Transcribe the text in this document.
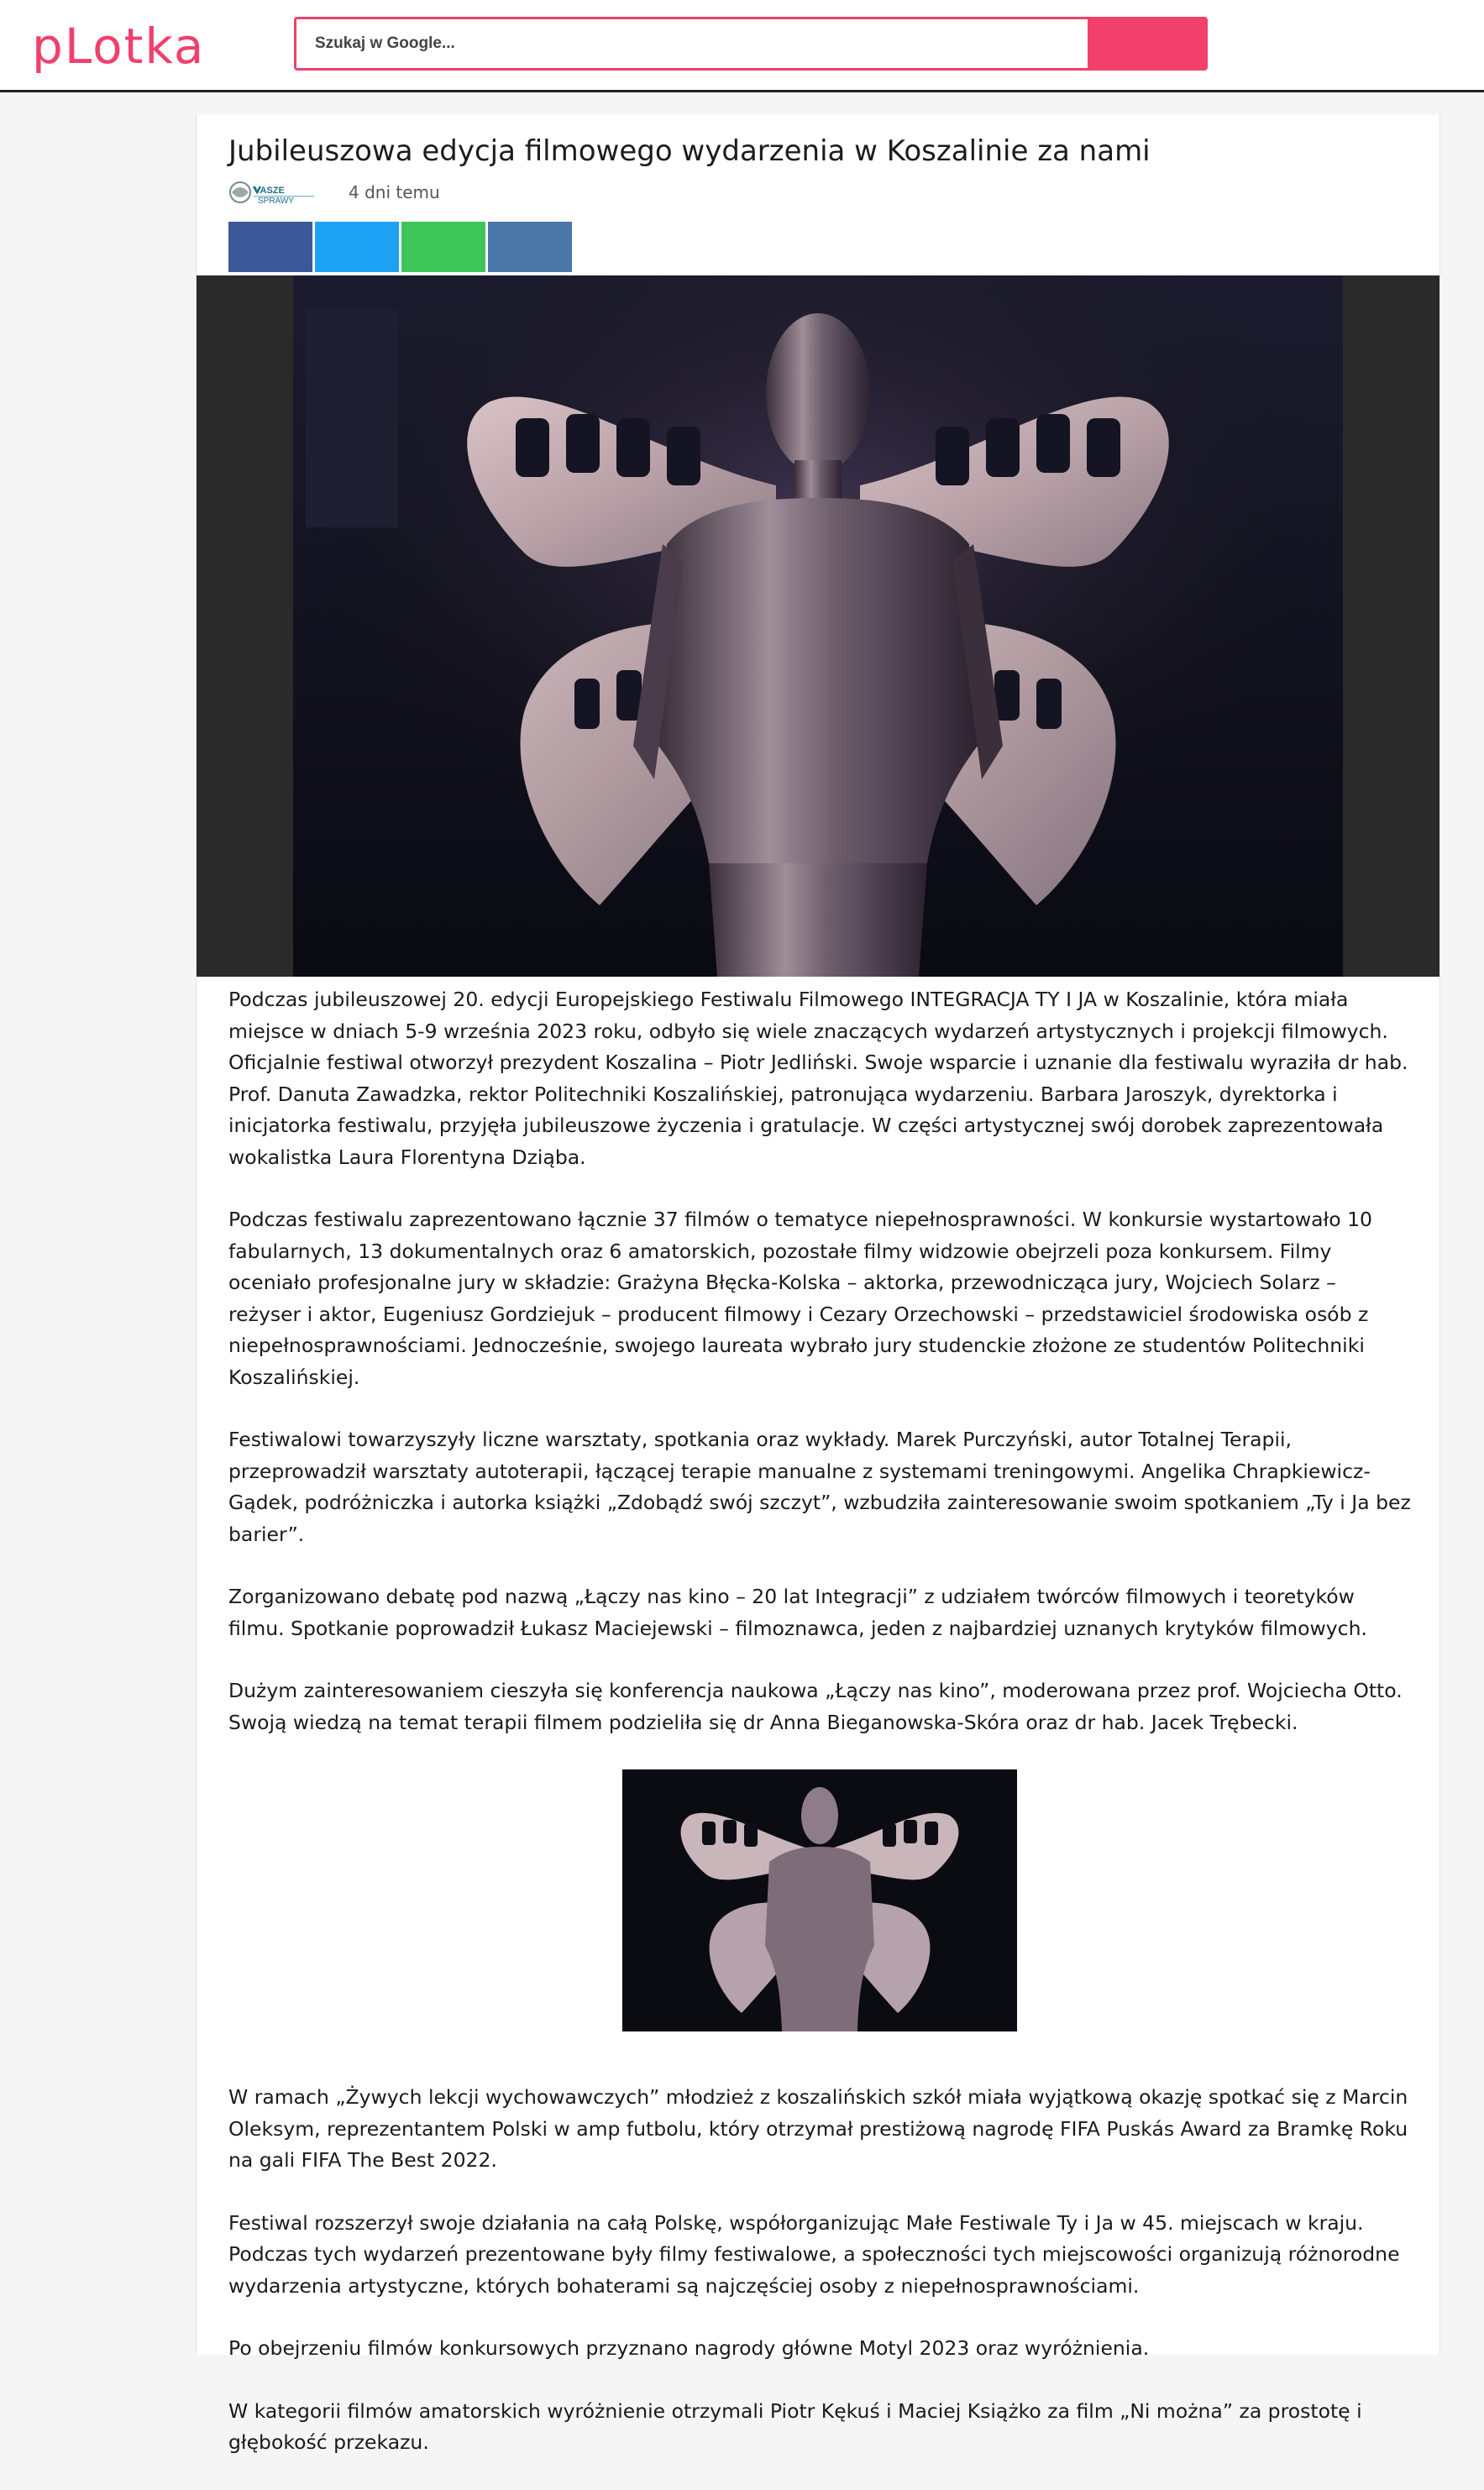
pLotka
Szukaj w Google...
Jubileuszowa edycja filmowego wydarzenia w Koszalinie za nami
VASZE
SPRAWY	4 dni temu

Podczas jubileuszowej 20. edycji Europejskiego Festiwalu Filmowego INTEGRACJA TY I JA w Koszalinie, która miała miejsce w dniach 5-9 września 2023 roku, odbyło się wiele znaczących wydarzeń artystycznych i projekcji filmowych. Oficjalnie festiwal otworzył prezydent Koszalina – Piotr Jedliński. Swoje wsparcie i uznanie dla festiwalu wyraziła dr hab. Prof. Danuta Zawadzka, rektor Politechniki Koszalińskiej, patronująca wydarzeniu. Barbara Jaroszyk, dyrektorka i inicjatorka festiwalu, przyjęła jubileuszowe życzenia i gratulacje. W części artystycznej swój dorobek zaprezentowała wokalistka Laura Florentyna Dziąba.

Podczas festiwalu zaprezentowano łącznie 37 filmów o tematyce niepełnosprawności. W konkursie wystartowało 10 fabularnych, 13 dokumentalnych oraz 6 amatorskich, pozostałe filmy widzowie obejrzeli poza konkursem. Filmy oceniało profesjonalne jury w składzie: Grażyna Błęcka-Kolska – aktorka, przewodnicząca jury, Wojciech Solarz – reżyser i aktor, Eugeniusz Gordziejuk – producent filmowy i Cezary Orzechowski – przedstawiciel środowiska osób z niepełnosprawnościami. Jednocześnie, swojego laureata wybrało jury studenckie złożone ze studentów Politechniki Koszalińskiej.

Festiwalowi towarzyszyły liczne warsztaty, spotkania oraz wykłady. Marek Purczyński, autor Totalnej Terapii, przeprowadził warsztaty autoterapii, łączącej terapie manualne z systemami treningowymi. Angelika Chrapkiewicz-Gądek, podróżniczka i autorka książki „Zdobądź swój szczyt”, wzbudziła zainteresowanie swoim spotkaniem „Ty i Ja bez barier”.

Zorganizowano debatę pod nazwą „Łączy nas kino – 20 lat Integracji” z udziałem twórców filmowych i teoretyków filmu. Spotkanie poprowadził Łukasz Maciejewski – filmoznawca, jeden z najbardziej uznanych krytyków filmowych.

Dużym zainteresowaniem cieszyła się konferencja naukowa „Łączy nas kino”, moderowana przez prof. Wojciecha Otto. Swoją wiedzą na temat terapii filmem podzieliła się dr Anna Bieganowska-Skóra oraz dr hab. Jacek Trębecki.

W ramach „Żywych lekcji wychowawczych” młodzież z koszalińskich szkół miała wyjątkową okazję spotkać się z Marcin Oleksym, reprezentantem Polski w amp futbolu, który otrzymał prestiżową nagrodę FIFA Puskás Award za Bramkę Roku na gali FIFA The Best 2022.

Festiwal rozszerzył swoje działania na całą Polskę, współorganizując Małe Festiwale Ty i Ja w 45. miejscach w kraju. Podczas tych wydarzeń prezentowane były filmy festiwalowe, a społeczności tych miejscowości organizują różnorodne wydarzenia artystyczne, których bohaterami są najczęściej osoby z niepełnosprawnościami.

Po obejrzeniu filmów konkursowych przyznano nagrody główne Motyl 2023 oraz wyróżnienia.

W kategorii filmów amatorskich wyróżnienie otrzymali Piotr Kękuś i Maciej Książko za film „Ni można” za prostotę i głębokość przekazu.
